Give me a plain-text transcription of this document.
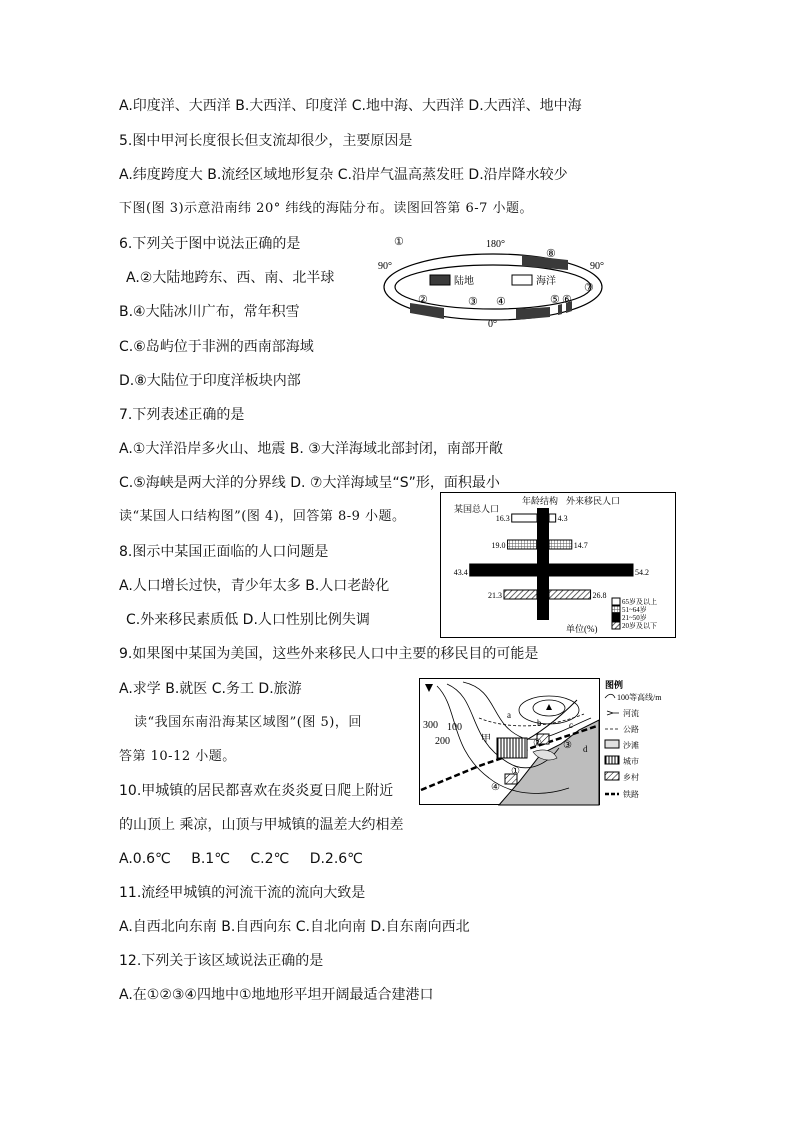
A.印度洋、大西洋 B.大西洋、印度洋 C.地中海、大西洋 D.大西洋、地中海
5.图中甲河长度很长但支流却很少，主要原因是
A.纬度跨度大 B.流经区域地形复杂 C.沿岸气温高蒸发旺 D.沿岸降水较少
下图(图 3)示意沿南纬 20° 纬线的海陆分布。读图回答第 6-7 小题。
6.下列关于图中说法正确的是
A.②大陆地跨东、西、南、北半球
B.④大陆冰川广布，常年积雪
C.⑥岛屿位于非洲的西南部海域
D.⑧大陆位于印度洋板块内部
7.下列表述正确的是
A.①大洋沿岸多火山、地震 B. ③大洋海域北部封闭，南部开敞
C.⑤海峡是两大洋的分界线 D. ⑦大洋海域呈“S”形，面积最小
读“某国人口结构图”(图 4)，回答第 8-9 小题。
8.图示中某国正面临的人口问题是
A.人口增长过快，青少年太多 B.人口老龄化
C.外来移民素质低 D.人口性别比例失调
9.如果图中某国为美国，这些外来移民人口中主要的移民目的可能是
A.求学 B.就医 C.务工 D.旅游
读“我国东南沿海某区域图”(图 5)，回
答第 10-12 小题。
10.甲城镇的居民都喜欢在炎炎夏日爬上附近
的山顶上 乘凉，山顶与甲城镇的温差大约相差
A.0.6℃ B.1℃ C.2℃ D.2.6℃
11.流经甲城镇的河流干流的流向大致是
A.自西北向东南 B.自西向东 C.自北向南 D.自东南向西北
12.下列关于该区域说法正确的是
A.在①②③④四地中①地地形平坦开阔最适合建港口
90°	90°
180°
0°
陆地	海洋
①
②	③ ④	⑤ ⑥
⑦
⑧
某国总人口
年龄结构 外来移民人口
单位(%)
16.3	4.3
19.0	14.7
43.4	54.2
21.3	26.8
65岁及以上
51~64岁
21~50岁
20岁及以下
300
200
100
甲
a
b	c
d
①
② ③
④
图例
100等高线/m
河流
公路
沙滩
城市
乡村
铁路
